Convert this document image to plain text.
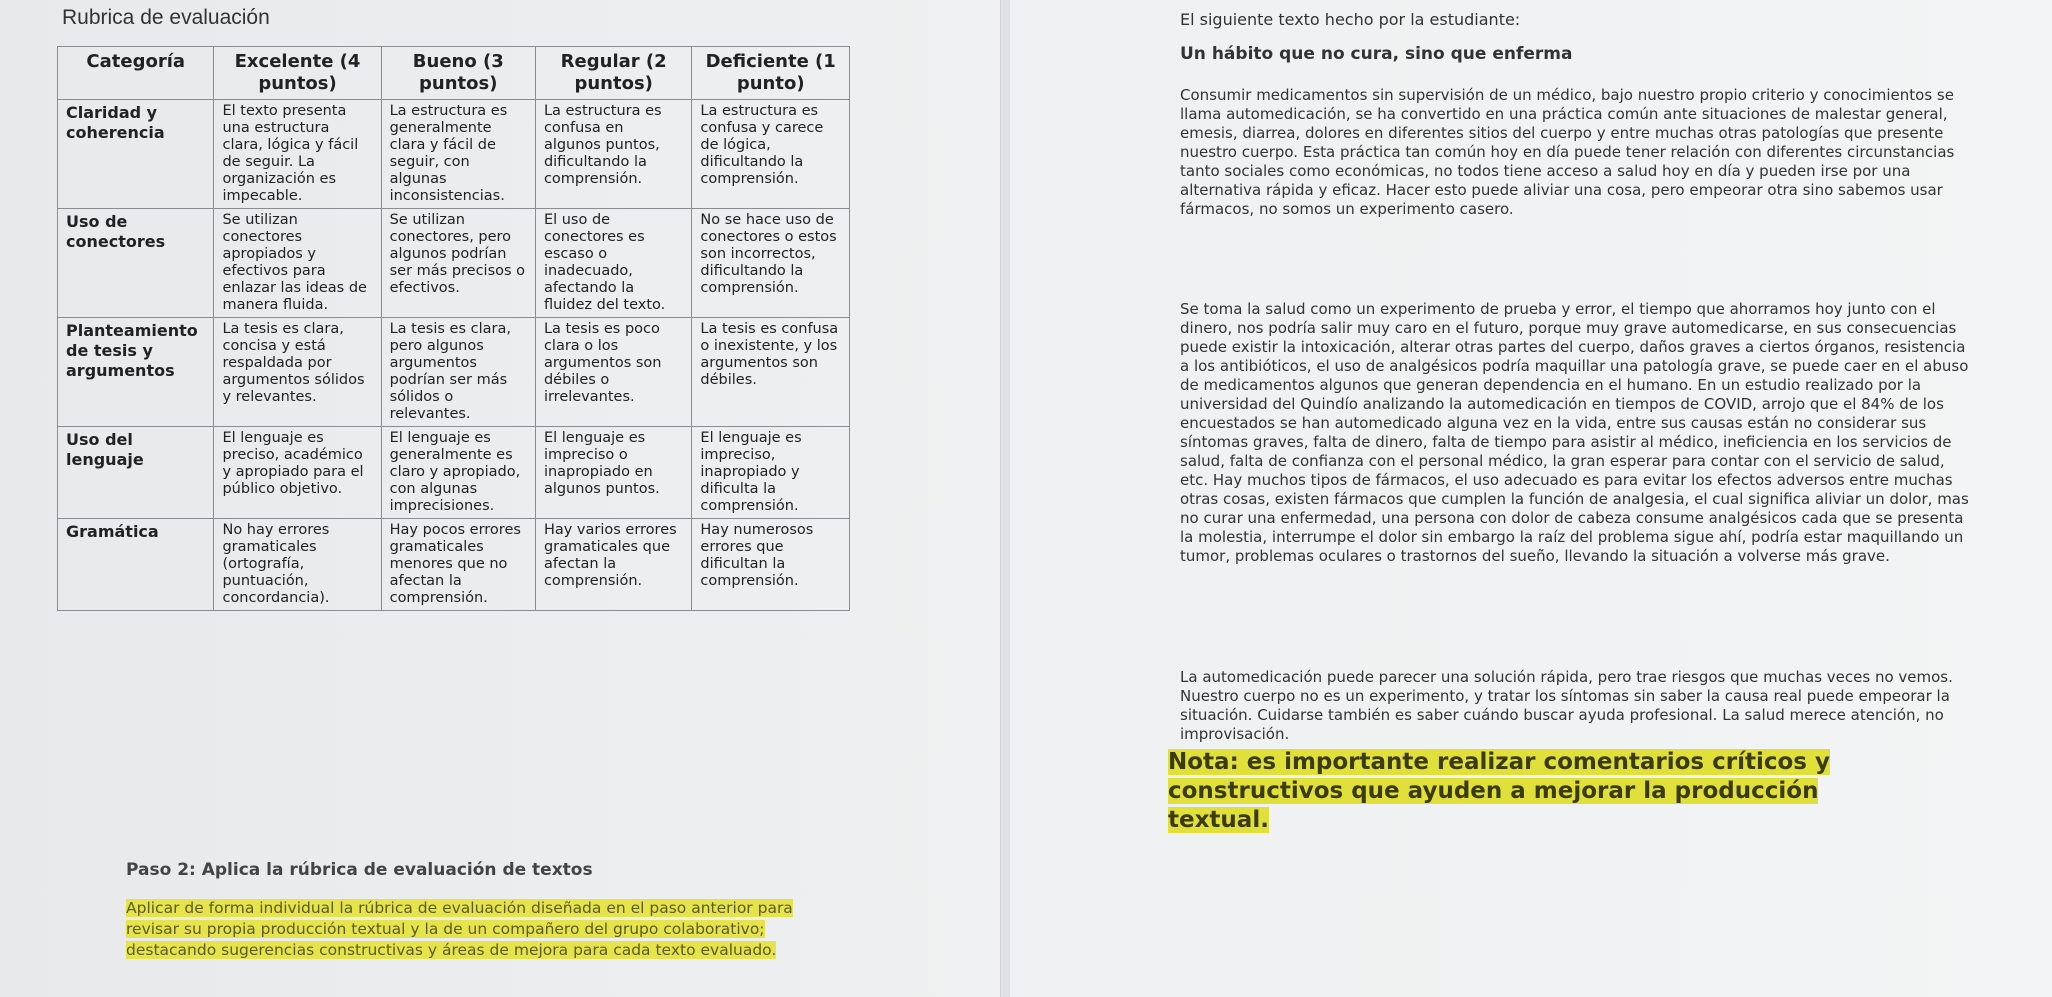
Rubrica de evaluación
Categoría	Excelente (4 puntos)	Bueno (3 puntos)	Regular (2 puntos)	Deficiente (1 punto)
Claridad y coherencia	El texto presenta una estructura clara, lógica y fácil de seguir. La organización es impecable.	La estructura es generalmente clara y fácil de seguir, con algunas inconsistencias.	La estructura es confusa en algunos puntos, dificultando la comprensión.	La estructura es confusa y carece de lógica, dificultando la comprensión.
Uso de conectores	Se utilizan conectores apropiados y efectivos para enlazar las ideas de manera fluida.	Se utilizan conectores, pero algunos podrían ser más precisos o efectivos.	El uso de conectores es escaso o inadecuado, afectando la fluidez del texto.	No se hace uso de conectores o estos son incorrectos, dificultando la comprensión.
Planteamiento de tesis y argumentos	La tesis es clara, concisa y está respaldada por argumentos sólidos y relevantes.	La tesis es clara, pero algunos argumentos podrían ser más sólidos o relevantes.	La tesis es poco clara o los argumentos son débiles o irrelevantes.	La tesis es confusa o inexistente, y los argumentos son débiles.
Uso del lenguaje	El lenguaje es preciso, académico y apropiado para el público objetivo.	El lenguaje es generalmente es claro y apropiado, con algunas imprecisiones.	El lenguaje es impreciso o inapropiado en algunos puntos.	El lenguaje es impreciso, inapropiado y dificulta la comprensión.
Gramática	No hay errores gramaticales (ortografía, puntuación, concordancia).	Hay pocos errores gramaticales menores que no afectan la comprensión.	Hay varios errores gramaticales que afectan la comprensión.	Hay numerosos errores que dificultan la comprensión.
Paso 2: Aplica la rúbrica de evaluación de textos
Aplicar de forma individual la rúbrica de evaluación diseñada en el paso anterior para revisar su propia producción textual y la de un compañero del grupo colaborativo; destacando sugerencias constructivas y áreas de mejora para cada texto evaluado.
El siguiente texto hecho por la estudiante:
Un hábito que no cura, sino que enferma
Consumir medicamentos sin supervisión de un médico, bajo nuestro propio criterio y conocimientos se llama automedicación, se ha convertido en una práctica común ante situaciones de malestar general, emesis, diarrea, dolores en diferentes sitios del cuerpo y entre muchas otras patologías que presente nuestro cuerpo. Esta práctica tan común hoy en día puede tener relación con diferentes circunstancias tanto sociales como económicas, no todos tiene acceso a salud hoy en día y pueden irse por una alternativa rápida y eficaz. Hacer esto puede aliviar una cosa, pero empeorar otra sino sabemos usar fármacos, no somos un experimento casero.
Se toma la salud como un experimento de prueba y error, el tiempo que ahorramos hoy junto con el dinero, nos podría salir muy caro en el futuro, porque muy grave automedicarse, en sus consecuencias puede existir la intoxicación, alterar otras partes del cuerpo, daños graves a ciertos órganos, resistencia a los antibióticos, el uso de analgésicos podría maquillar una patología grave, se puede caer en el abuso de medicamentos algunos que generan dependencia en el humano. En un estudio realizado por la universidad del Quindío analizando la automedicación en tiempos de COVID, arrojo que el 84% de los encuestados se han automedicado alguna vez en la vida, entre sus causas están no considerar sus síntomas graves, falta de dinero, falta de tiempo para asistir al médico, ineficiencia en los servicios de salud, falta de confianza con el personal médico, la gran esperar para contar con el servicio de salud, etc. Hay muchos tipos de fármacos, el uso adecuado es para evitar los efectos adversos entre muchas otras cosas, existen fármacos que cumplen la función de analgesia, el cual significa aliviar un dolor, mas no curar una enfermedad, una persona con dolor de cabeza consume analgésicos cada que se presenta la molestia, interrumpe el dolor sin embargo la raíz del problema sigue ahí, podría estar maquillando un tumor, problemas oculares o trastornos del sueño, llevando la situación a volverse más grave.
La automedicación puede parecer una solución rápida, pero trae riesgos que muchas veces no vemos. Nuestro cuerpo no es un experimento, y tratar los síntomas sin saber la causa real puede empeorar la situación. Cuidarse también es saber cuándo buscar ayuda profesional. La salud merece atención, no improvisación.
Nota: es importante realizar comentarios críticos y constructivos que ayuden a mejorar la producción textual.
